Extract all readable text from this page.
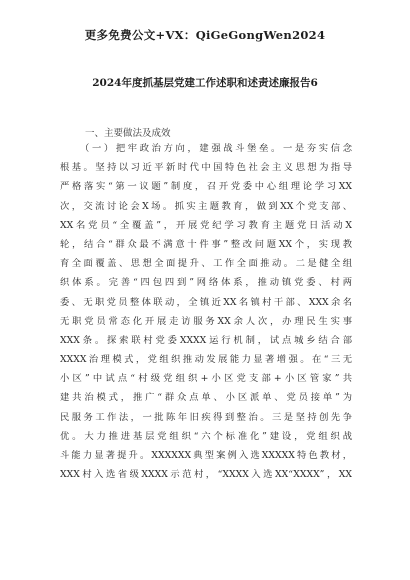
更多免费公文+VX：QiGeGongWen2024
2024年度抓基层党建工作述职和述责述廉报告6
一、主要做法及成效
（一）把牢政治方向，建强战斗堡垒。一是夯实信念
根基。坚持以习近平新时代中国特色社会主义思想为指导
严格落实“第一议题”制度，召开党委中心组理论学习XX
次，交流讨论会X场。抓实主题教育，做到XX个党支部、
XX名党员“全覆盖”，开展党纪学习教育主题党日活动X
轮，结合“群众最不满意十件事”整改问题XX个，实现教
育全面覆盖、思想全面提升、工作全面推动。二是健全组
织体系。完善“四包四到”网络体系，推动镇党委、村两
委、无职党员整体联动，全镇近XX名镇村干部、XXX余名
无职党员常态化开展走访服务XX余人次，办理民生实事
XXX条。探索联村党委XXXX运行机制，试点城乡结合部
XXXX治理模式，党组织推动发展能力显著增强。在“三无
小区”中试点“村级党组织+小区党支部+小区管家”共
建共治模式，推广“群众点单、小区派单、党员接单”为
民服务工作法，一批陈年旧疾得到整治。三是坚持创先争
优。大力推进基层党组织“六个标准化”建设，党组织战
斗能力显著提升。XXXXXX典型案例入选XXXXX特色教材，
XXX村入选省级XXXX示范村，“XXXX入选XX“XXXX”，XX
